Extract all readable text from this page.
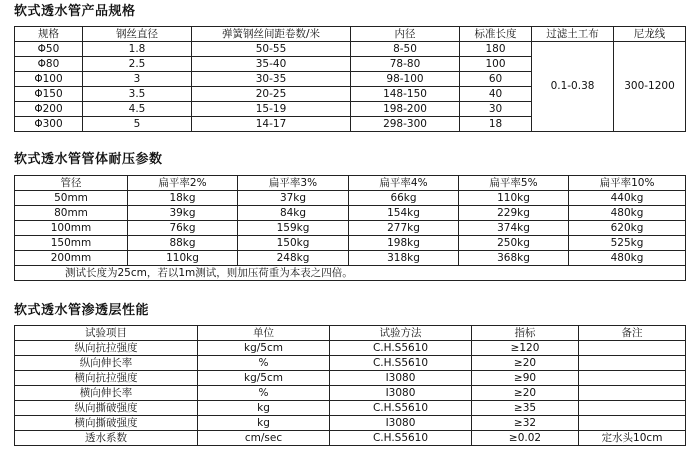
软式透水管产品规格
规格	钢丝直径	弹簧钢丝间距卷数/米	内径	标准长度	过滤土工布	尼龙线
Φ50	1.8	50-55	8-50	180	0.1-0.38	300-1200
Φ80	2.5	35-40	78-80	100		
Φ100	3	30-35	98-100	60		
Φ150	3.5	20-25	148-150	40		
Φ200	4.5	15-19	198-200	30		
Φ300	5	14-17	298-300	18		
软式透水管管体耐压参数
管径	扁平率2%	扁平率3%	扁平率4%	扁平率5%	扁平率10%
50mm	18kg	37kg	66kg	110kg	440kg
80mm	39kg	84kg	154kg	229kg	480kg
100mm	76kg	159kg	277kg	374kg	620kg
150mm	88kg	150kg	198kg	250kg	525kg
200mm	110kg	248kg	318kg	368kg	480kg
测试长度为25cm，若以1m测试，则加压荷重为本表之四倍。					
软式透水管渗透层性能
试验项目	单位	试验方法	指标	备注
纵向抗拉强度	kg/5cm	C.H.S5610	≥120	
纵向伸长率	%	C.H.S5610	≥20	
横向抗拉强度	kg/5cm	I3080	≥90	
横向伸长率	%	I3080	≥20	
纵向撕破强度	kg	C.H.S5610	≥35	
横向撕破强度	kg	I3080	≥32	
透水系数	cm/sec	C.H.S5610	≥0.02	定水头10cm
